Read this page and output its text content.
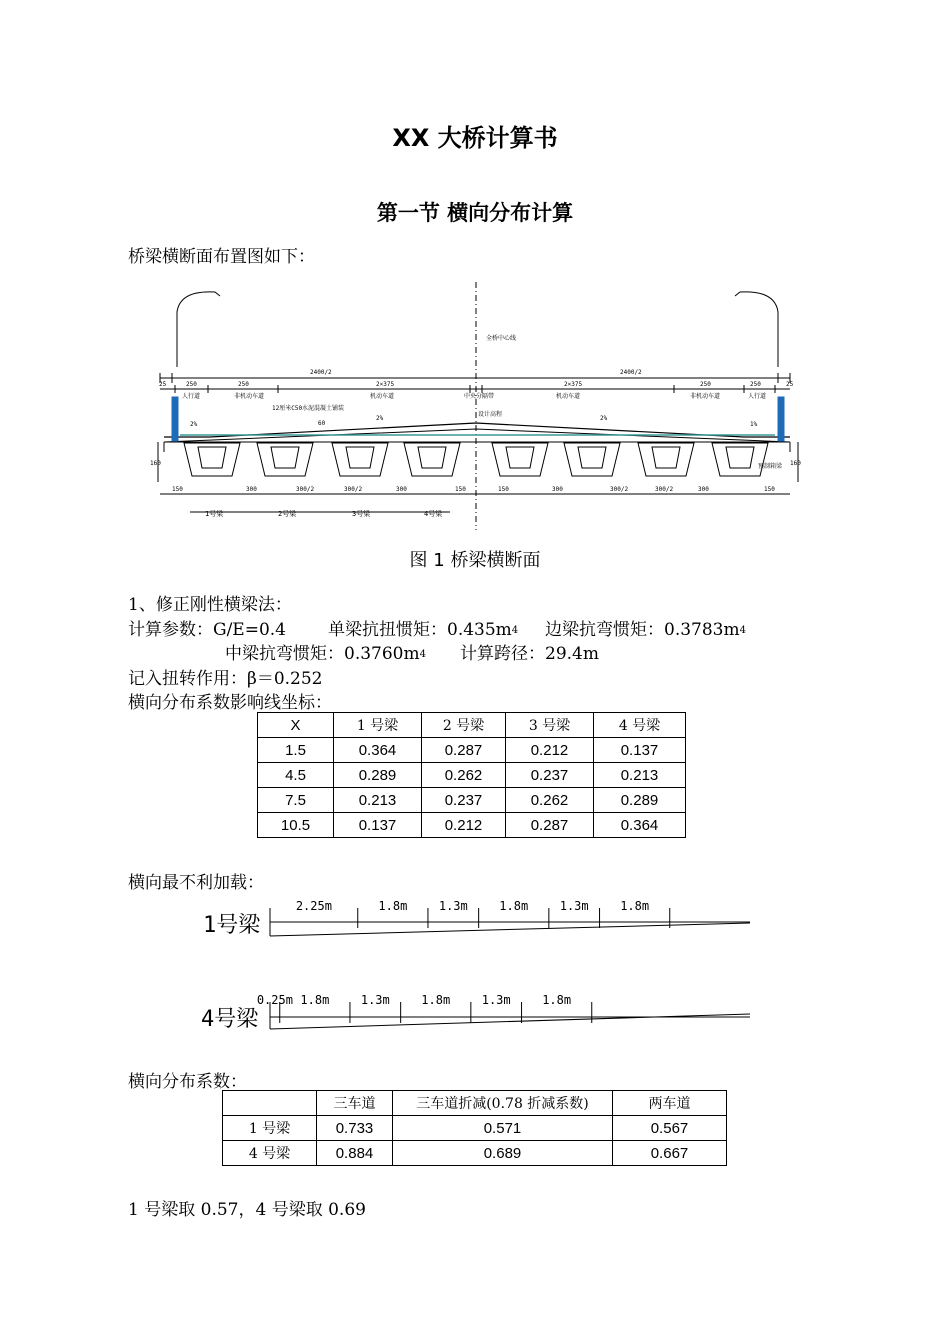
XX 大桥计算书
第一节 横向分布计算
桥梁横断面布置图如下：
全桥中心线
2400/2	2400/2
25	25
250	250	2×375	2×375	250	250
人行道	非机动车道	机动车道	中央分隔带	机动车道	非机动车道	人行道
12厘米C50水泥混凝土铺装
设计高程
2%	2%
2%	1%
60
160	160
预制箱梁
150	300	300/2	300/2	300	150	150	300	300/2	300/2	300	150
1号梁	2号梁	3号梁	4号梁
图 1 桥梁横断面
1、修正刚性横梁法：
计算参数：G/E=0.4 单梁抗扭惯矩：$0.435m^4$ 边梁抗弯惯矩：$0.3783m^4$
中梁抗弯惯矩：$0.3760m^4$ 计算跨径：29.4m
记入扭转作用：β＝0.252
横向分布系数影响线坐标：
X	1 号梁	2 号梁	3 号梁	4 号梁
1.5	0.364	0.287	0.212	0.137
4.5	0.289	0.262	0.237	0.213
7.5	0.213	0.237	0.262	0.289
10.5	0.137	0.212	0.287	0.364
横向最不利加载：
1号梁
4号梁
2.25m	1.8m	1.3m	1.8m	1.3m	1.8m
0.25m 1.8m	1.3m	1.8m	1.3m	1.8m
横向分布系数：
	三车道	三车道折减(0.78 折减系数)	两车道
1 号梁	0.733	0.571	0.567
4 号梁	0.884	0.689	0.667
1 号梁取 0.57，4 号梁取 0.69
